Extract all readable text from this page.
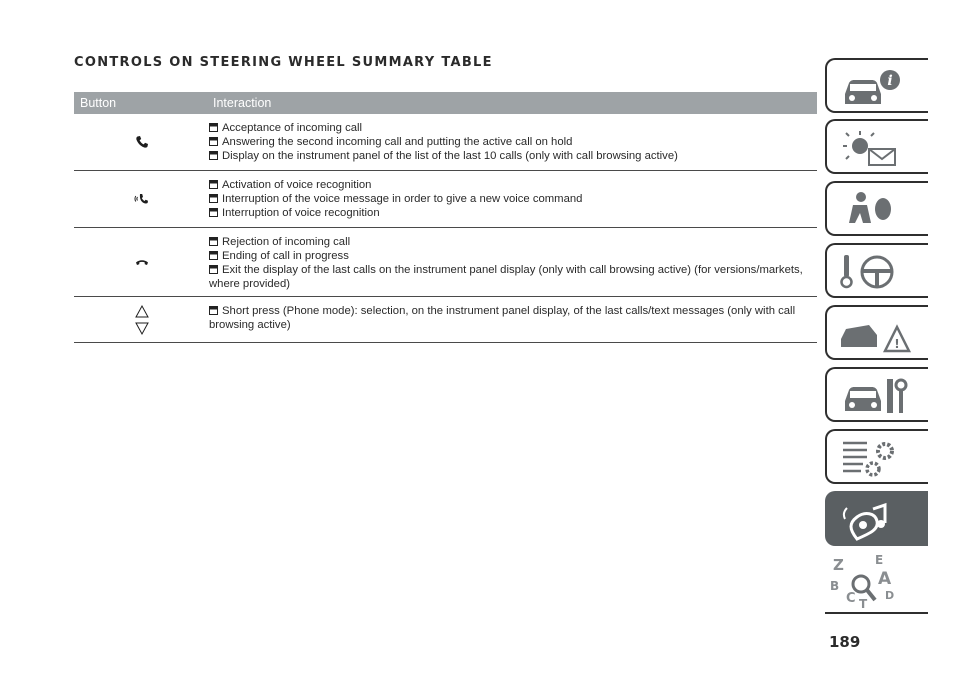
CONTROLS ON STEERING WHEEL SUMMARY TABLE
Button	Interaction
Acceptance of incoming call
Answering the second incoming call and putting the active call on hold
Display on the instrument panel of the list of the last 10 calls (only with call browsing active)
Activation of voice recognition
Interruption of the voice message in order to give a new voice command
Interruption of voice recognition
Rejection of incoming call
Ending of call in progress
Exit the display of the last calls on the instrument panel display (only with call browsing active) (for versions/markets, where provided)
Short press (Phone mode): selection, on the instrument panel display, of the last calls/text messages (only with call browsing active)
i
!
Z	E
A
B
C T
D
189
